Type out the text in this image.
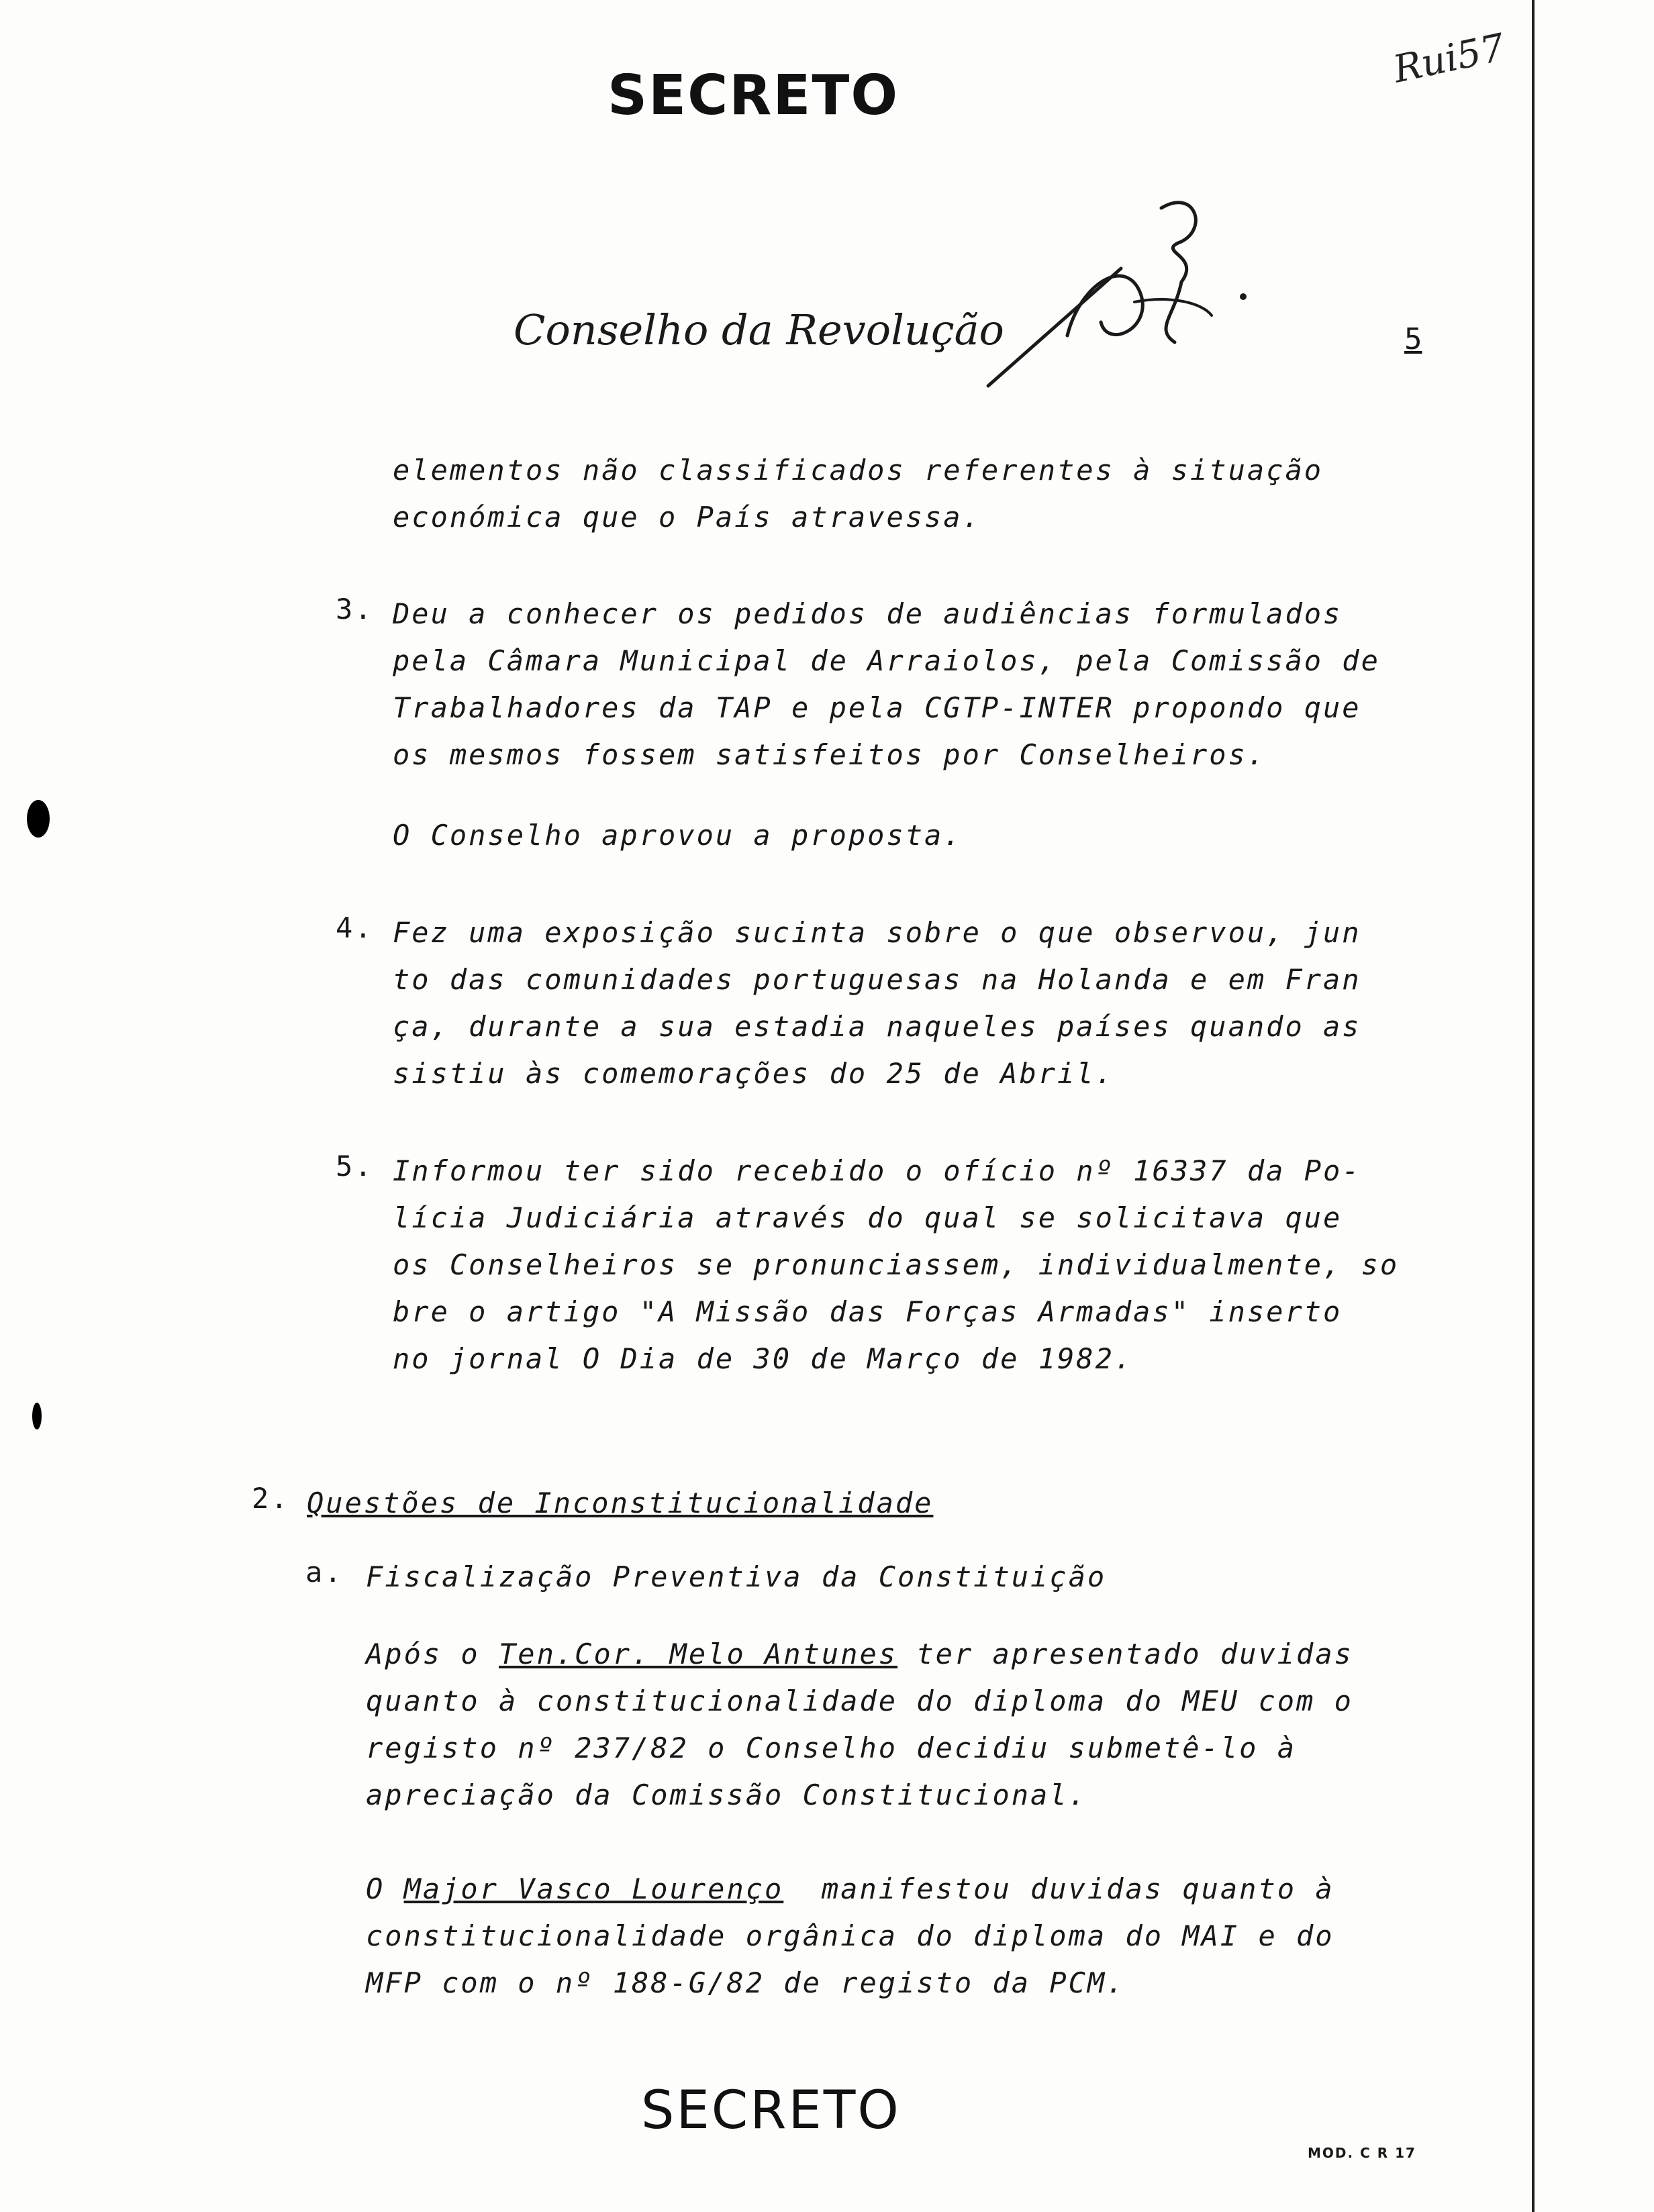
SECRETO
Rui57
Conselho da Revolução	5

elementos não classificados referentes à situação

económica que o País atravessa.

3. Deu a conhecer os pedidos de audiências formulados

pela Câmara Municipal de Arraiolos, pela Comissão de

Trabalhadores da TAP e pela CGTP-INTER propondo que

os mesmos fossem satisfeitos por Conselheiros.

O Conselho aprovou a proposta.

4. Fez uma exposição sucinta sobre o que observou, jun

to das comunidades portuguesas na Holanda e em Fran

ça, durante a sua estadia naqueles países quando as

sistiu às comemorações do 25 de Abril.

5. Informou ter sido recebido o ofício nº 16337 da Po-

lícia Judiciária através do qual se solicitava que

os Conselheiros se pronunciassem, individualmente, so

bre o artigo "A Missão das Forças Armadas" inserto

no jornal O Dia de 30 de Março de 1982.

2. Questões de Inconstitucionalidade

a. Fiscalização Preventiva da Constituição

Após o Ten.Cor. Melo Antunes ter apresentado duvidas

quanto à constitucionalidade do diploma do MEU com o

registo nº 237/82 o Conselho decidiu submetê-lo à

apreciação da Comissão Constitucional.

O Major Vasco Lourenço  manifestou duvidas quanto à

constitucionalidade orgânica do diploma do MAI e do

MFP com o nº 188-G/82 de registo da PCM.

SECRETO
MOD. C R 17
